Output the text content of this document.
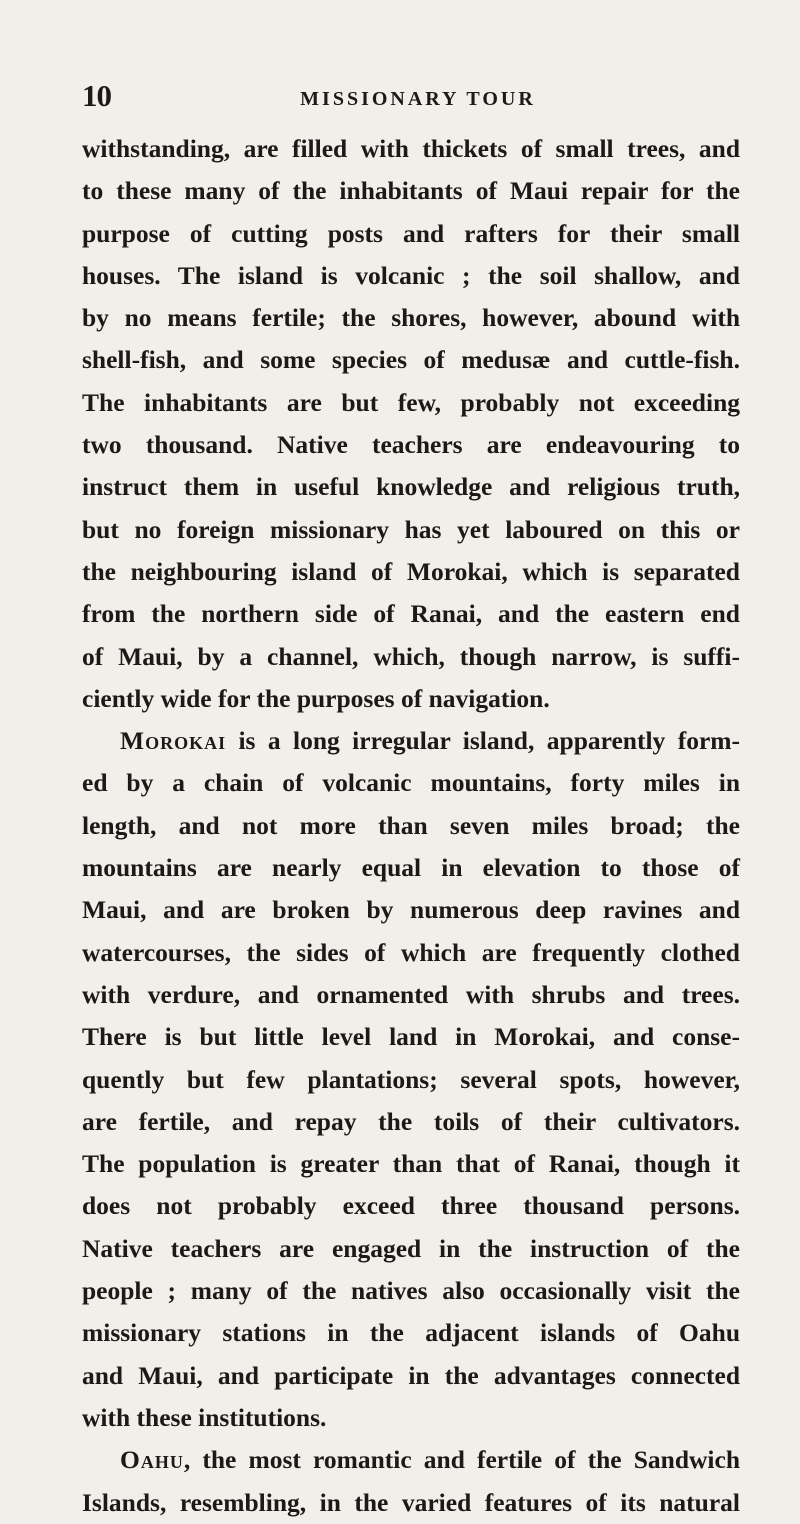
10	MISSIONARY TOUR
withstanding, are filled with thickets of small trees, and
to these many of the inhabitants of Maui repair for the
purpose of cutting posts and rafters for their small
houses. The island is volcanic ; the soil shallow, and
by no means fertile; the shores, however, abound with
shell-fish, and some species of medusæ and cuttle-fish.
The inhabitants are but few, probably not exceeding
two thousand. Native teachers are endeavouring to
instruct them in useful knowledge and religious truth,
but no foreign missionary has yet laboured on this or
the neighbouring island of Morokai, which is separated
from the northern side of Ranai, and the eastern end
of Maui, by a channel, which, though narrow, is suffi-
ciently wide for the purposes of navigation.
Morokai is a long irregular island, apparently form-
ed by a chain of volcanic mountains, forty miles in
length, and not more than seven miles broad; the
mountains are nearly equal in elevation to those of
Maui, and are broken by numerous deep ravines and
watercourses, the sides of which are frequently clothed
with verdure, and ornamented with shrubs and trees.
There is but little level land in Morokai, and conse-
quently but few plantations; several spots, however,
are fertile, and repay the toils of their cultivators.
The population is greater than that of Ranai, though it
does not probably exceed three thousand persons.
Native teachers are engaged in the instruction of the
people ; many of the natives also occasionally visit the
missionary stations in the adjacent islands of Oahu
and Maui, and participate in the advantages connected
with these institutions.
Oahu, the most romantic and fertile of the Sandwich
Islands, resembling, in the varied features of its natural
